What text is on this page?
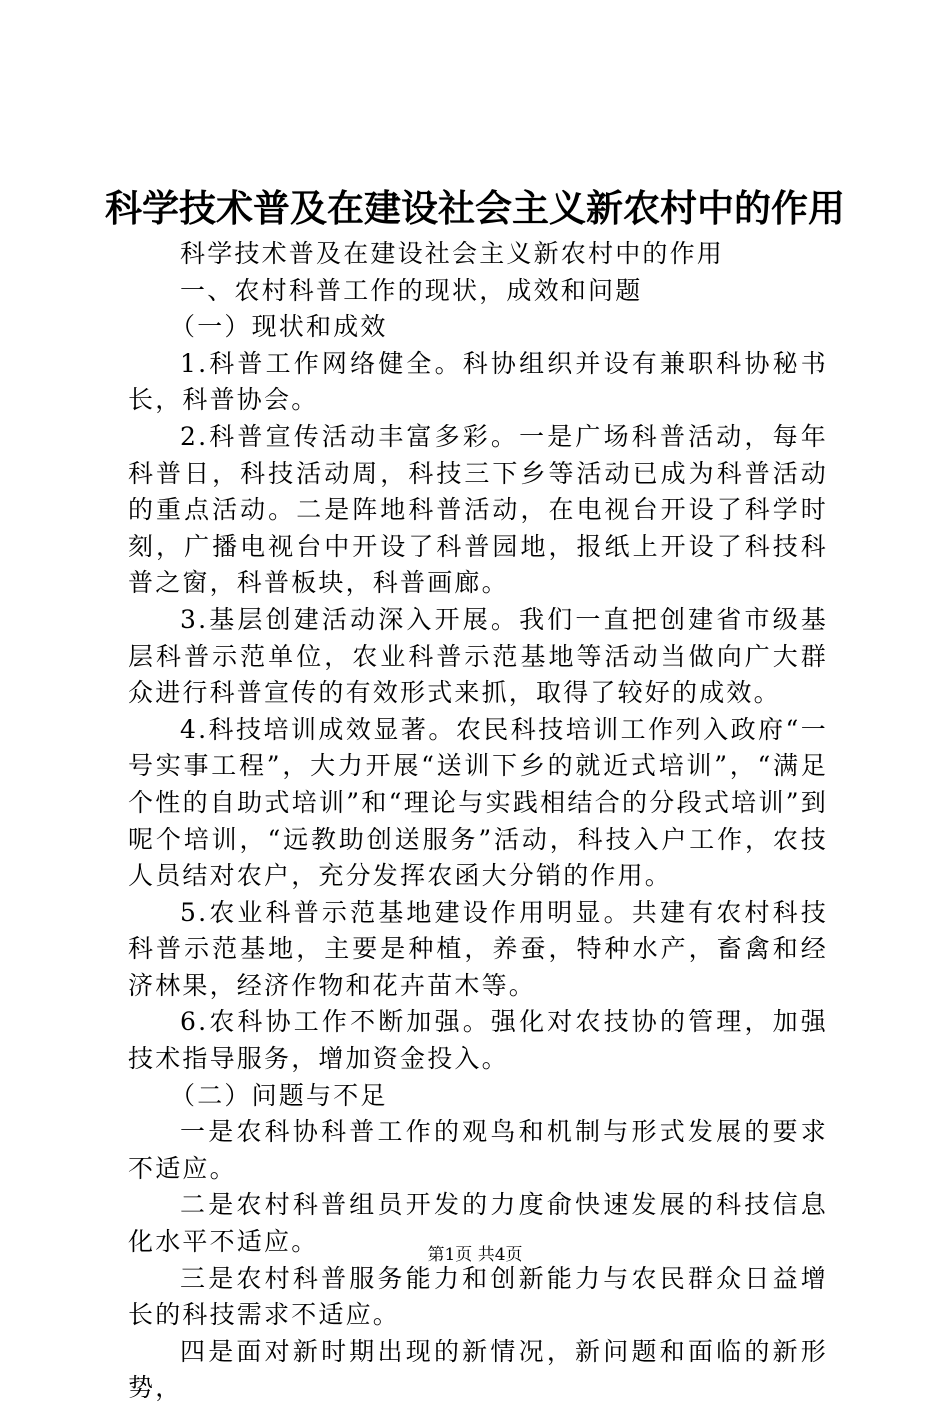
科学技术普及在建设社会主义新农村中的作用

科学技术普及在建设社会主义新农村中的作用

一、农村科普工作的现状，成效和问题

（一）现状和成效

1.科普工作网络健全。科协组织并设有兼职科协秘书长，科普协会。

2.科普宣传活动丰富多彩。一是广场科普活动，每年科普日，科技活动周，科技三下乡等活动已成为科普活动的重点活动。二是阵地科普活动，在电视台开设了科学时刻，广播电视台中开设了科普园地，报纸上开设了科技科普之窗，科普板块，科普画廊。

3.基层创建活动深入开展。我们一直把创建省市级基层科普示范单位，农业科普示范基地等活动当做向广大群众进行科普宣传的有效形式来抓，取得了较好的成效。

4.科技培训成效显著。农民科技培训工作列入政府“一号实事工程”，大力开展“送训下乡的就近式培训”，“满足个性的自助式培训”和“理论与实践相结合的分段式培训”到呢个培训，“远教助创送服务”活动，科技入户工作，农技人员结对农户，充分发挥农函大分销的作用。

5.农业科普示范基地建设作用明显。共建有农村科技科普示范基地，主要是种植，养蚕，特种水产，畜禽和经济林果，经济作物和花卉苗木等。

6.农科协工作不断加强。强化对农技协的管理，加强技术指导服务，增加资金投入。

（二）问题与不足

一是农科协科普工作的观鸟和机制与形式发展的要求不适应。

二是农村科普组员开发的力度俞快速发展的科技信息化水平不适应。

三是农村科普服务能力和创新能力与农民群众日益增长的科技需求不适应。

四是面对新时期出现的新情况，新问题和面临的新形势，

第1页 共4页
